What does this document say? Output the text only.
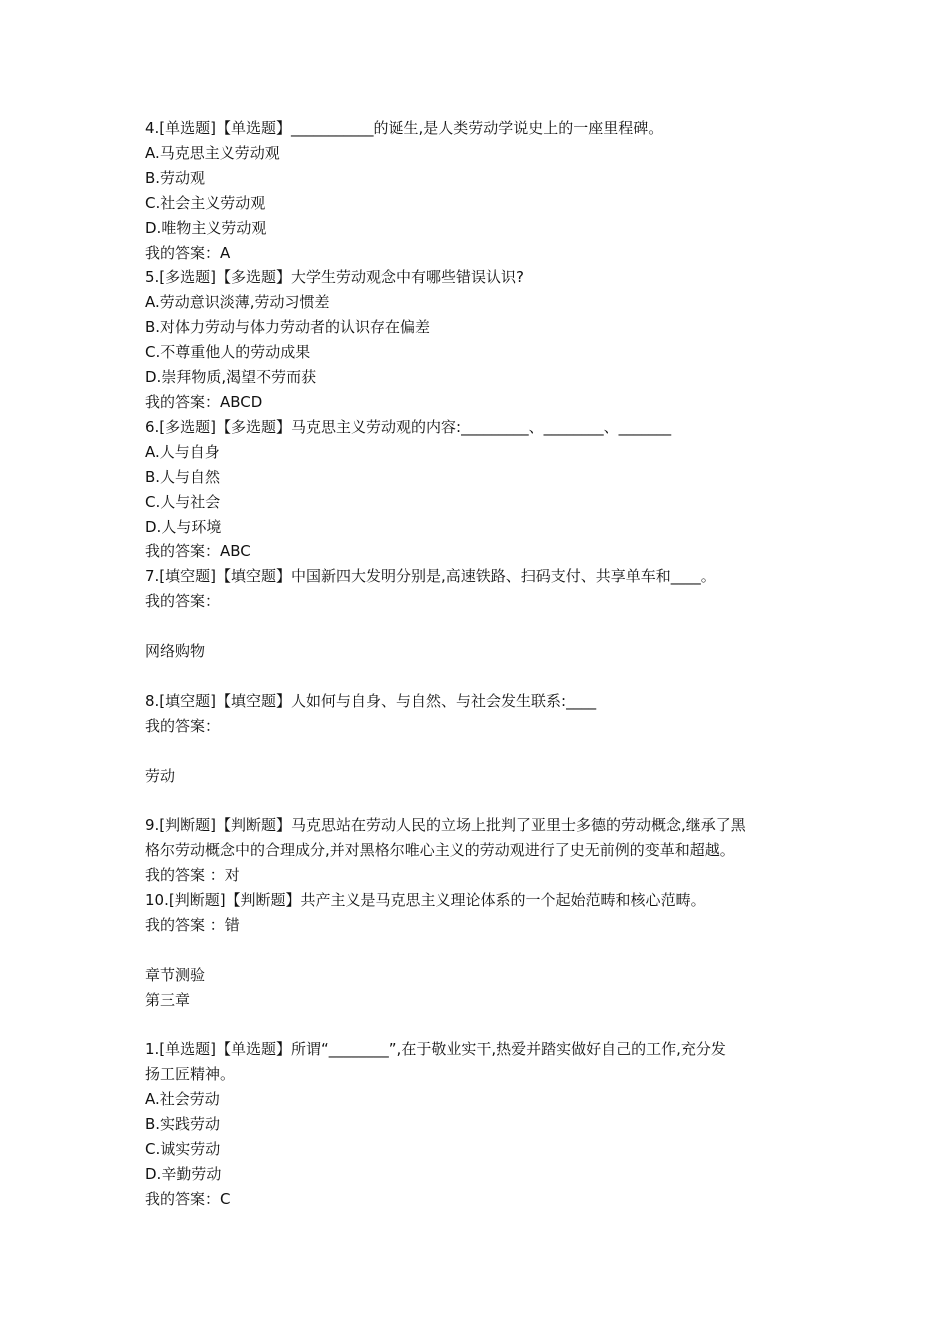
4.[单选题]【单选题】___________的诞生,是人类劳动学说史上的一座里程碑。
A.马克思主义劳动观
B.劳动观
C.社会主义劳动观
D.唯物主义劳动观
我的答案：A
5.[多选题]【多选题】大学生劳动观念中有哪些错误认识?
A.劳动意识淡薄,劳动习惯差
B.对体力劳动与体力劳动者的认识存在偏差
C.不尊重他人的劳动成果
D.崇拜物质,渴望不劳而获
我的答案：ABCD
6.[多选题]【多选题】马克思主义劳动观的内容:_________、________、_______
A.人与自身
B.人与自然
C.人与社会
D.人与环境
我的答案：ABC
7.[填空题]【填空题】中国新四大发明分别是,高速铁路、扫码支付、共享单车和____。
我的答案：
网络购物
8.[填空题]【填空题】人如何与自身、与自然、与社会发生联系:____
我的答案：
劳动
9.[判断题]【判断题】马克思站在劳动人民的立场上批判了亚里士多德的劳动概念,继承了黑
格尔劳动概念中的合理成分,并对黑格尔唯心主义的劳动观进行了史无前例的变革和超越。
我的答案 ：对
10.[判断题]【判断题】共产主义是马克思主义理论体系的一个起始范畴和核心范畴。
我的答案 ：错
章节测验
第三章
1.[单选题]【单选题】所谓“________”,在于敬业实干,热爱并踏实做好自己的工作,充分发
扬工匠精神。
A.社会劳动
B.实践劳动
C.诚实劳动
D.辛勤劳动
我的答案：C
